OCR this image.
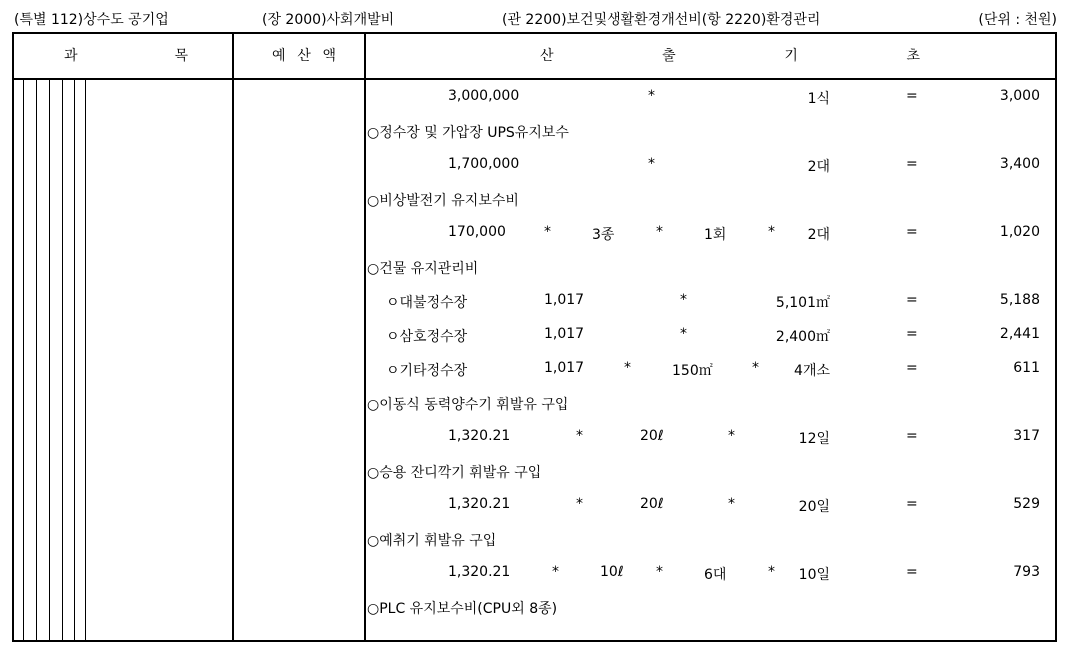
(특별 112)상수도 공기업	(장 2000)사회개발비	(관 2200)보건및생활환경개선비(항 2220)환경관리	(단위 : 천원)
과	목	예 산 액	산	출	기	초
3,000,000	*	1식	=	3,000
○정수장 및 가압장 UPS유지보수
1,700,000	*	2대	=	3,400
○비상발전기 유지보수비
170,000	*	3종	*	1회	*	2대	=	1,020
○건물 유지관리비
ㅇ대불정수장	1,017	*	5,101㎡	=	5,188
ㅇ삼호정수장	1,017	*	2,400㎡	=	2,441
ㅇ기타정수장	1,017	*	150㎡	*	4개소	=	611
○이동식 동력양수기 휘발유 구입
1,320.21	*	20ℓ	*	12일	=	317
○승용 잔디깍기 휘발유 구입
1,320.21	*	20ℓ	*	20일	=	529
○예취기 휘발유 구입
1,320.21	*	10ℓ *	6대	*	10일	=	793
○PLC 유지보수비(CPU외 8종)
